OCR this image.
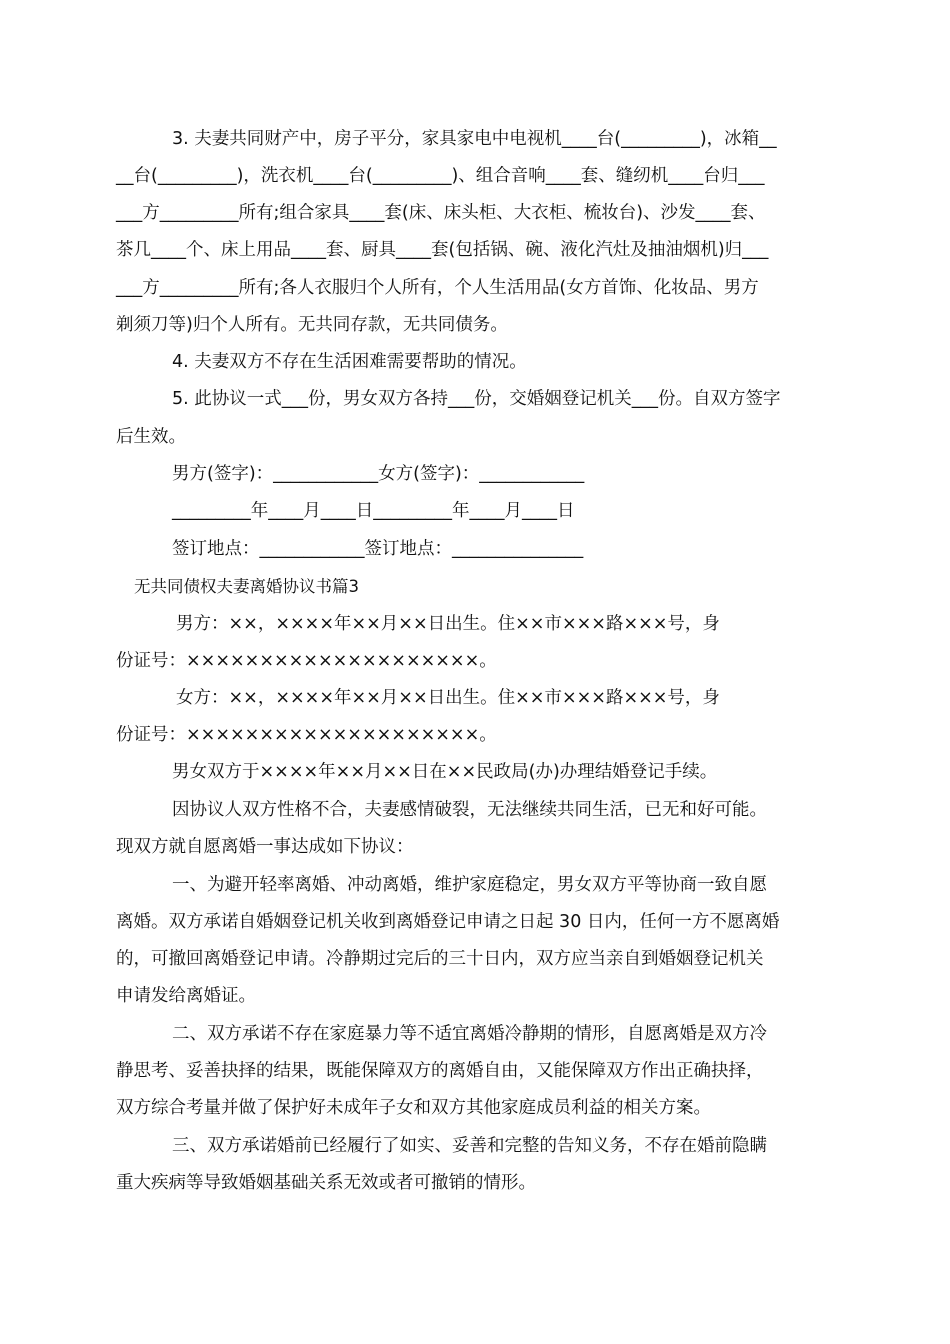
3. 夫妻共同财产中，房子平分，家具家电中电视机____台(_________)，冰箱__
__台(_________)，洗衣机____台(_________)、组合音响____套、缝纫机____台归___
___方_________所有;组合家具____套(床、床头柜、大衣柜、梳妆台)、沙发____套、
茶几____个、床上用品____套、厨具____套(包括锅、碗、液化汽灶及抽油烟机)归___
___方_________所有;各人衣服归个人所有，个人生活用品(女方首饰、化妆品、男方
剃须刀等)归个人所有。无共同存款，无共同债务。
4. 夫妻双方不存在生活困难需要帮助的情况。
5. 此协议一式___份，男女双方各持___份，交婚姻登记机关___份。自双方签字
后生效。
男方(签字)：____________女方(签字)：____________
_________年____月____日_________年____月____日
签订地点：____________签订地点：_______________
无共同债权夫妻离婚协议书篇3
男方：××，××××年××月××日出生。住××市×××路×××号，身
份证号：××××××××××××××××××××。
女方：××，××××年××月××日出生。住××市×××路×××号，身
份证号：××××××××××××××××××××。
男女双方于××××年××月××日在××民政局(办)办理结婚登记手续。
因协议人双方性格不合，夫妻感情破裂，无法继续共同生活，已无和好可能。
现双方就自愿离婚一事达成如下协议：
一、为避开轻率离婚、冲动离婚，维护家庭稳定，男女双方平等协商一致自愿
离婚。双方承诺自婚姻登记机关收到离婚登记申请之日起 30 日内，任何一方不愿离婚
的，可撤回离婚登记申请。冷静期过完后的三十日内，双方应当亲自到婚姻登记机关
申请发给离婚证。
二、双方承诺不存在家庭暴力等不适宜离婚冷静期的情形，自愿离婚是双方冷
静思考、妥善抉择的结果，既能保障双方的离婚自由，又能保障双方作出正确抉择，
双方综合考量并做了保护好未成年子女和双方其他家庭成员利益的相关方案。
三、双方承诺婚前已经履行了如实、妥善和完整的告知义务，不存在婚前隐瞒
重大疾病等导致婚姻基础关系无效或者可撤销的情形。
